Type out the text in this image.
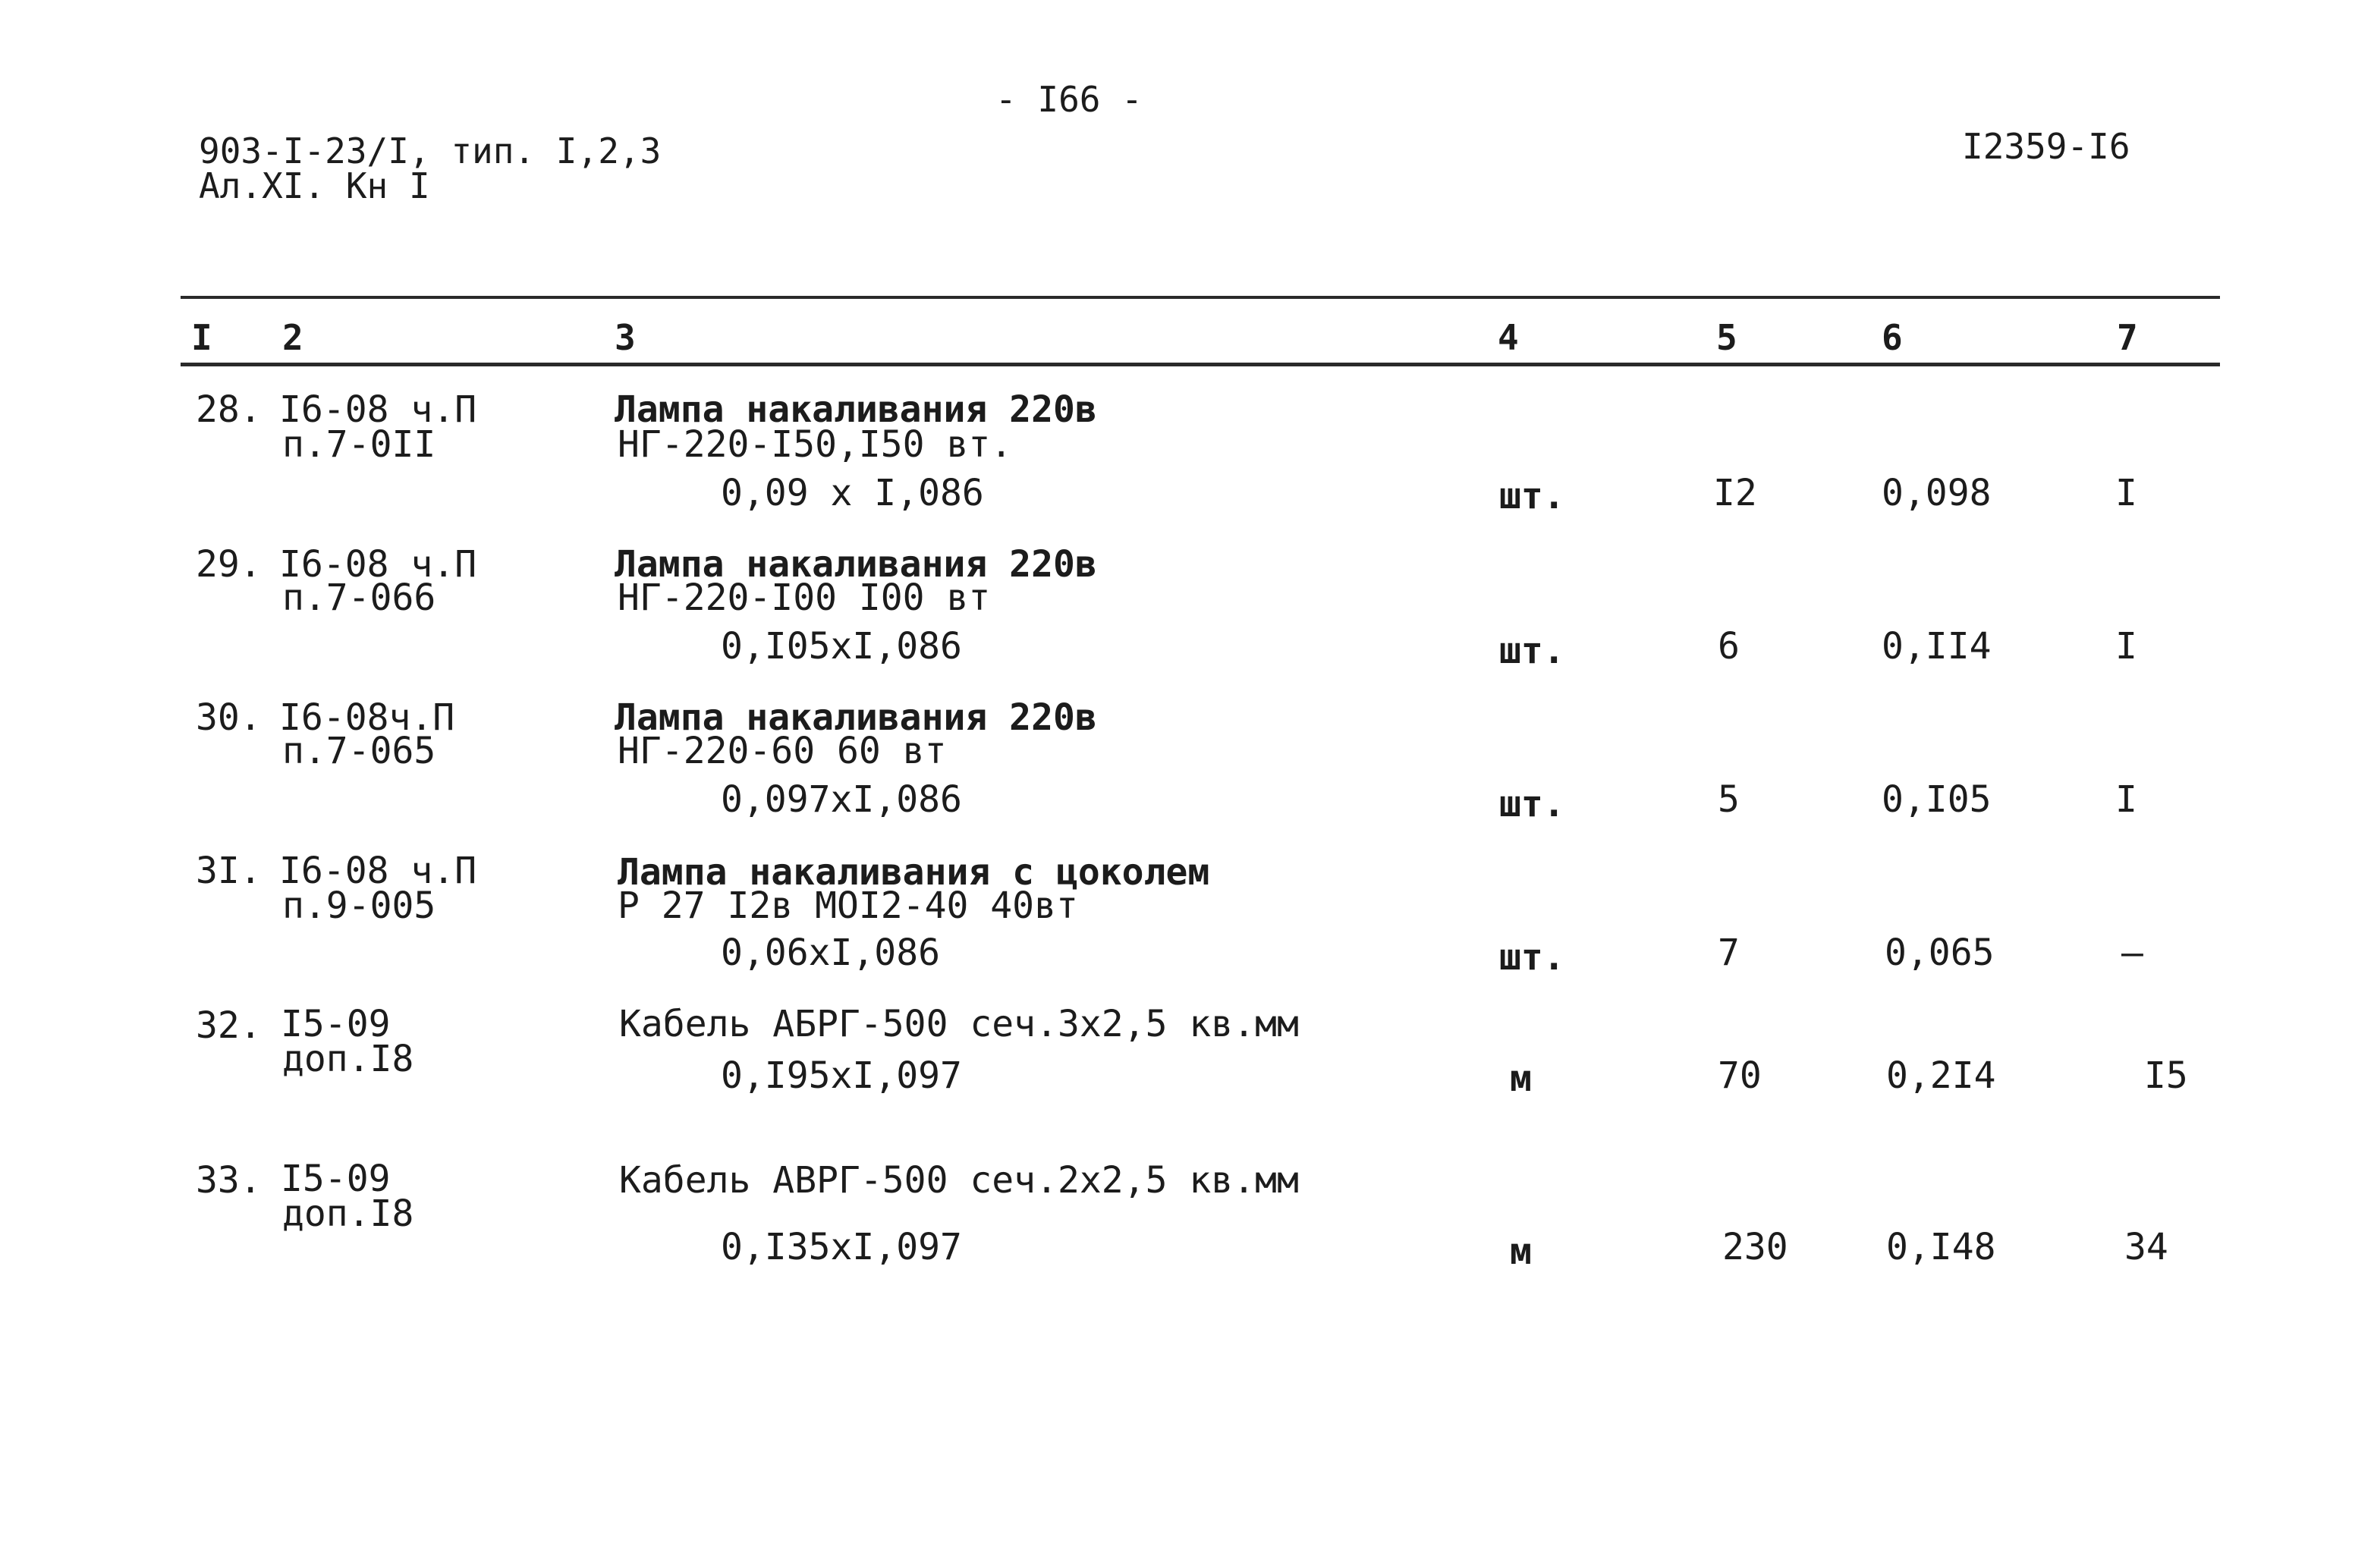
- I66 -
903-I-23/I, тип. I,2,3
Ал.XI. Кн I
I2359-I6
I 2	3	4	5	6	7
28. I6-08 ч.П
п.7-0II
Лампа накаливания 220в
НГ-220-I50,I50 вт.
0,09 x I,086	шт.	I2	0,098	I
29. I6-08 ч.П
п.7-066
Лампа накаливания 220в
НГ-220-I00 I00 вт
0,I05xI,086	шт.	6	0,II4	I
30. I6-08ч.П
п.7-065
Лампа накаливания 220в
НГ-220-60 60 вт
0,097xI,086	шт.	5	0,I05	I
3I. I6-08 ч.П
п.9-005
Лампа накаливания с цоколем
Р 27 I2в МОI2-40 40вт
0,06xI,086	шт.	7	0,065	–
32. I5-09
доп.I8
Кабель АБРГ-500 сеч.3x2,5 кв.мм
0,I95xI,097	м	70	0,2I4	I5
33. I5-09
доп.I8
Кабель АВРГ-500 сеч.2x2,5 кв.мм
0,I35xI,097	м	230	0,I48	34
